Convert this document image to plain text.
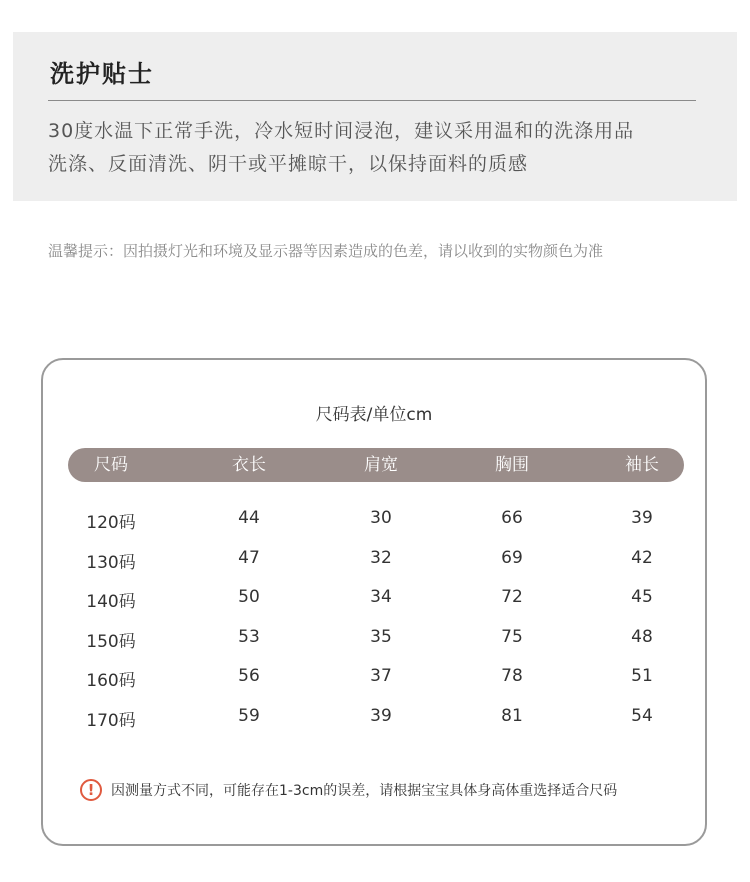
洗护贴士
30度水温下正常手洗，冷水短时间浸泡，建议采用温和的洗涤用品
洗涤、反面清洗、阴干或平摊晾干，以保持面料的质感
温馨提示：因拍摄灯光和环境及显示器等因素造成的色差，请以收到的实物颜色为准
尺码表/单位cm
尺码	衣长	肩宽	胸围	袖长
120码	44	30	66	39
130码	47	32	69	42
140码	50	34	72	45
150码	53	35	75	48
160码	56	37	78	51
170码	59	39	81	54
!	因测量方式不同，可能存在1-3cm的误差，请根据宝宝具体身高体重选择适合尺码
